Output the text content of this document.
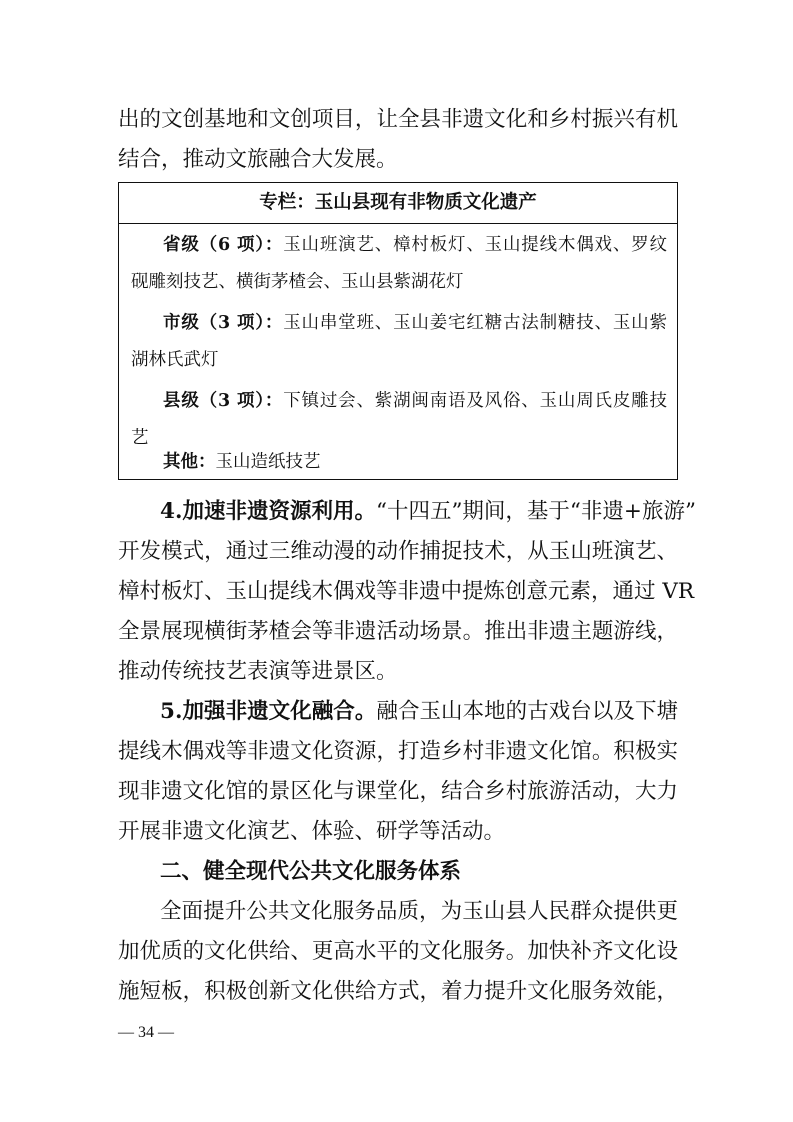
出的文创基地和文创项目，让全县非遗文化和乡村振兴有机
结合，推动文旅融合大发展。
专栏：玉山县现有非物质文化遗产
省级（6 项）：玉山班演艺、樟村板灯、玉山提线木偶戏、罗纹
砚雕刻技艺、横街茅楂会、玉山县紫湖花灯
市级（3 项）：玉山串堂班、玉山姜宅红糖古法制糖技、玉山紫
湖林氏武灯
县级（3 项）：下镇过会、紫湖闽南语及风俗、玉山周氏皮雕技
艺
其他：玉山造纸技艺
4.加速非遗资源利用。“十四五”期间，基于“非遗+旅游”
开发模式，通过三维动漫的动作捕捉技术，从玉山班演艺、
樟村板灯、玉山提线木偶戏等非遗中提炼创意元素，通过 VR
全景展现横街茅楂会等非遗活动场景。推出非遗主题游线，
推动传统技艺表演等进景区。
5.加强非遗文化融合。融合玉山本地的古戏台以及下塘
提线木偶戏等非遗文化资源，打造乡村非遗文化馆。积极实
现非遗文化馆的景区化与课堂化，结合乡村旅游活动，大力
开展非遗文化演艺、体验、研学等活动。
二、健全现代公共文化服务体系
全面提升公共文化服务品质，为玉山县人民群众提供更
加优质的文化供给、更高水平的文化服务。加快补齐文化设
施短板，积极创新文化供给方式，着力提升文化服务效能，
— 34 —
